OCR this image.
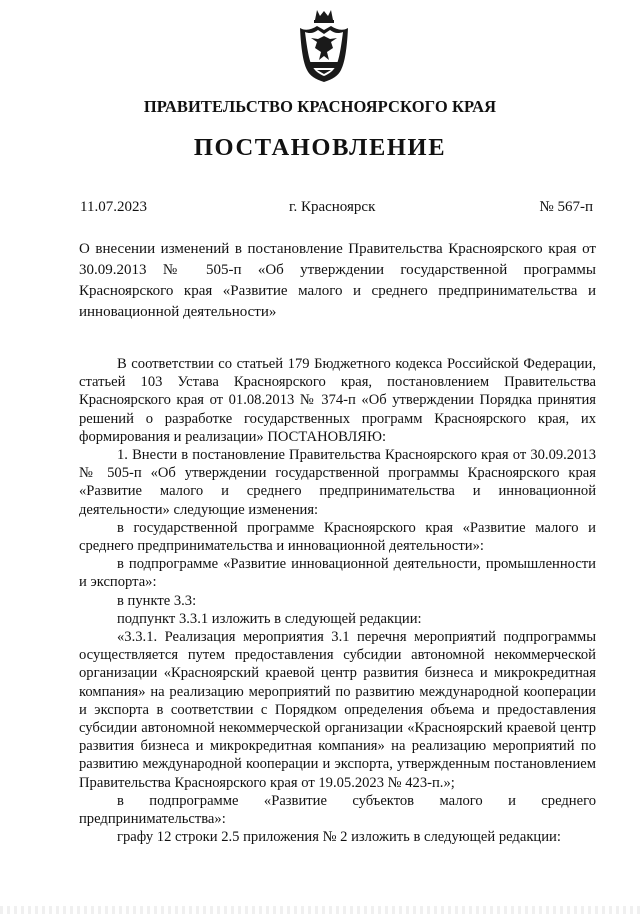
ПРАВИТЕЛЬСТВО КРАСНОЯРСКОГО КРАЯ
ПОСТАНОВЛЕНИЕ
11.07.2023	г. Красноярск	№ 567-п
О внесении изменений в постановление Правительства Красноярского края от 30.09.2013 № 505-п «Об утверждении государственной программы Красноярского края «Развитие малого и среднего предпринимательства и инновационной деятельности»

В соответствии со статьей 179 Бюджетного кодекса Российской Федерации, статьей 103 Устава Красноярского края, постановлением Правительства Красноярского края от 01.08.2013 № 374-п «Об утверждении Порядка принятия решений о разработке государственных программ Красноярского края, их формирования и реализации» ПОСТАНОВЛЯЮ:

1. Внести в постановление Правительства Красноярского края от 30.09.2013 № 505-п «Об утверждении государственной программы Красноярского края «Развитие малого и среднего предпринимательства и инновационной деятельности» следующие изменения:

в государственной программе Красноярского края «Развитие малого и среднего предпринимательства и инновационной деятельности»:

в подпрограмме «Развитие инновационной деятельности, промышленности и экспорта»:

в пункте 3.3:

подпункт 3.3.1 изложить в следующей редакции:

«3.3.1. Реализация мероприятия 3.1 перечня мероприятий подпрограммы осуществляется путем предоставления субсидии автономной некоммерческой организации «Красноярский краевой центр развития бизнеса и микрокредитная компания» на реализацию мероприятий по развитию международной кооперации и экспорта в соответствии с Порядком определения объема и предоставления субсидии автономной некоммерческой организации «Красноярский краевой центр развития бизнеса и микрокредитная компания» на реализацию мероприятий по развитию международной кооперации и экспорта, утвержденным постановлением Правительства Красноярского края от 19.05.2023 № 423-п.»;

в подпрограмме «Развитие субъектов малого и среднего предпринимательства»:

графу 12 строки 2.5 приложения № 2 изложить в следующей редакции:
